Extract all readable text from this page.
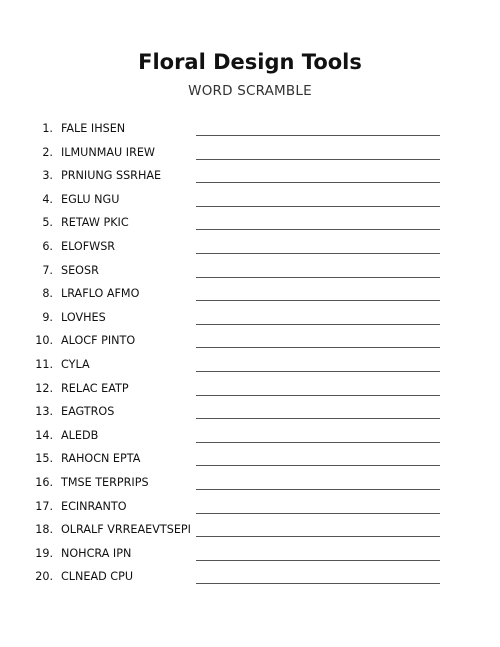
Floral Design Tools
WORD SCRAMBLE
1. FALE IHSEN
2. ILMUNMAU IREW
3. PRNIUNG SSRHAE
4. EGLU NGU
5. RETAW PKIC
6. ELOFWSR
7. SEOSR
8. LRAFLO AFMO
9. LOVHES
10. ALOCF PINTO
11. CYLA
12. RELAC EATP
13. EAGTROS
14. ALEDB
15. RAHOCN EPTA
16. TMSE TERPRIPS
17. ECINRANTO
18. OLRALF VRREAEVTSEPI
19. NOHCRA IPN
20. CLNEAD CPU
